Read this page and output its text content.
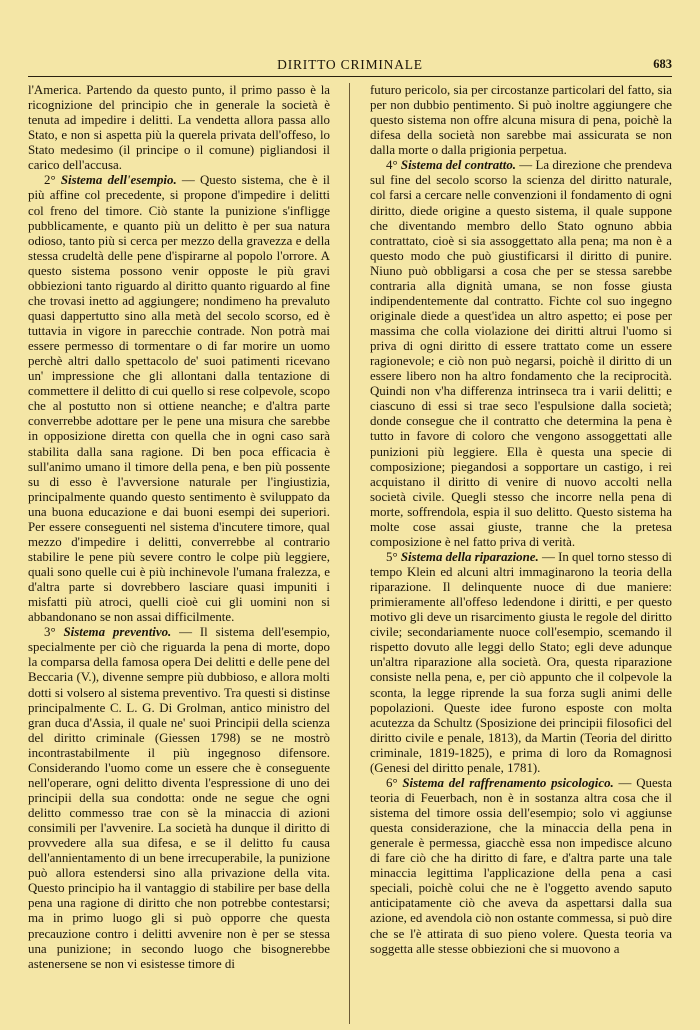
DIRITTO CRIMINALE	683

l'America. Partendo da questo punto, il primo passo è la ricognizione del principio che in generale la società è tenuta ad impedire i delitti. La vendetta allora passa allo Stato, e non si aspetta più la querela privata dell'offeso, lo Stato medesimo (il principe o il comune) pigliandosi il carico dell'accusa.

2° Sistema dell'esempio. — Questo sistema, che è il più affine col precedente, si propone d'impedire i delitti col freno del timore. Ciò stante la punizione s'infligge pubblicamente, e quanto più un delitto è per sua natura odioso, tanto più si cerca per mezzo della gravezza e della stessa crudeltà delle pene d'ispirarne al popolo l'orrore. A questo sistema possono venir opposte le più gravi obbiezioni tanto riguardo al diritto quanto riguardo al fine che trovasi inetto ad aggiungere; nondimeno ha prevaluto quasi dappertutto sino alla metà del secolo scorso, ed è tuttavia in vigore in parecchie contrade. Non potrà mai essere permesso di tormentare o di far morire un uomo perchè altri dallo spettacolo de' suoi patimenti ricevano un' impressione che gli allontani dalla tentazione di commettere il delitto di cui quello si rese colpevole, scopo che al postutto non si ottiene neanche; e d'altra parte converrebbe adottare per le pene una misura che sarebbe in opposizione diretta con quella che in ogni caso sarà stabilita dalla sana ragione. Di ben poca efficacia è sull'animo umano il timore della pena, e ben più possente su di esso è l'avversione naturale per l'ingiustizia, principalmente quando questo sentimento è sviluppato da una buona educazione e dai buoni esempi dei superiori. Per essere conseguenti nel sistema d'incutere timore, qual mezzo d'impedire i delitti, converrebbe al contrario stabilire le pene più severe contro le colpe più leggiere, quali sono quelle cui è più inchinevole l'umana fralezza, e d'altra parte si dovrebbero lasciare quasi impuniti i misfatti più atroci, quelli cioè cui gli uomini non si abbandonano se non assai difficilmente.

3° Sistema preventivo. — Il sistema dell'esempio, specialmente per ciò che riguarda la pena di morte, dopo la comparsa della famosa opera Dei delitti e delle pene del Beccaria (V.), divenne sempre più dubbioso, e allora molti dotti si volsero al sistema preventivo. Tra questi si distinse principalmente C. L. G. Di Grolman, antico ministro del gran duca d'Assia, il quale ne' suoi Principii della scienza del diritto criminale (Giessen 1798) se ne mostrò incontrastabilmente il più ingegnoso difensore. Considerando l'uomo come un essere che è conseguente nell'operare, ogni delitto diventa l'espressione di uno dei principii della sua condotta: onde ne segue che ogni delitto commesso trae con sè la minaccia di azioni consimili per l'avvenire. La società ha dunque il diritto di provvedere alla sua difesa, e se il delitto fu causa dell'annientamento di un bene irrecuperabile, la punizione può allora estendersi sino alla privazione della vita. Questo principio ha il vantaggio di stabilire per base della pena una ragione di diritto che non potrebbe contestarsi; ma in primo luogo gli si può opporre che questa precauzione contro i delitti avvenire non è per se stessa una punizione; in secondo luogo che bisognerebbe astenersene se non vi esistesse timore di

futuro pericolo, sia per circostanze particolari del fatto, sia per non dubbio pentimento. Si può inoltre aggiungere che questo sistema non offre alcuna misura di pena, poichè la difesa della società non sarebbe mai assicurata se non dalla morte o dalla prigionia perpetua.

4° Sistema del contratto. — La direzione che prendeva sul fine del secolo scorso la scienza del diritto naturale, col farsi a cercare nelle convenzioni il fondamento di ogni diritto, diede origine a questo sistema, il quale suppone che diventando membro dello Stato ognuno abbia contrattato, cioè si sia assoggettato alla pena; ma non è a questo modo che può giustificarsi il diritto di punire. Niuno può obbligarsi a cosa che per se stessa sarebbe contraria alla dignità umana, se non fosse giusta indipendentemente dal contratto. Fichte col suo ingegno originale diede a quest'idea un altro aspetto; ei pose per massima che colla violazione dei diritti altrui l'uomo si priva di ogni diritto di essere trattato come un essere ragionevole; e ciò non può negarsi, poichè il diritto di un essere libero non ha altro fondamento che la reciprocità. Quindi non v'ha differenza intrinseca tra i varii delitti; e ciascuno di essi si trae seco l'espulsione dalla società; donde consegue che il contratto che determina la pena è tutto in favore di coloro che vengono assoggettati alle punizioni più leggiere. Ella è questa una specie di composizione; piegandosi a sopportare un castigo, i rei acquistano il diritto di venire di nuovo accolti nella società civile. Quegli stesso che incorre nella pena di morte, soffrendola, espia il suo delitto. Questo sistema ha molte cose assai giuste, tranne che la pretesa composizione è nel fatto priva di verità.

5° Sistema della riparazione. — In quel torno stesso di tempo Klein ed alcuni altri immaginarono la teoria della riparazione. Il delinquente nuoce di due maniere: primieramente all'offeso ledendone i diritti, e per questo motivo gli deve un risarcimento giusta le regole del diritto civile; secondariamente nuoce coll'esempio, scemando il rispetto dovuto alle leggi dello Stato; egli deve adunque un'altra riparazione alla società. Ora, questa riparazione consiste nella pena, e, per ciò appunto che il colpevole la sconta, la legge riprende la sua forza sugli animi delle popolazioni. Queste idee furono esposte con molta acutezza da Schultz (Sposizione dei principii filosofici del diritto civile e penale, 1813), da Martin (Teoria del diritto criminale, 1819-1825), e prima di loro da Romagnosi (Genesi del diritto penale, 1781).

6° Sistema del raffrenamento psicologico. — Questa teoria di Feuerbach, non è in sostanza altra cosa che il sistema del timore ossia dell'esempio; solo vi aggiunse questa considerazione, che la minaccia della pena in generale è permessa, giacchè essa non impedisce alcuno di fare ciò che ha diritto di fare, e d'altra parte una tale minaccia legittima l'applicazione della pena a casi speciali, poichè colui che ne è l'oggetto avendo saputo anticipatamente ciò che aveva da aspettarsi dalla sua azione, ed avendola ciò non ostante commessa, si può dire che se l'è attirata di suo pieno volere. Questa teoria va soggetta alle stesse obbiezioni che si muovono a
